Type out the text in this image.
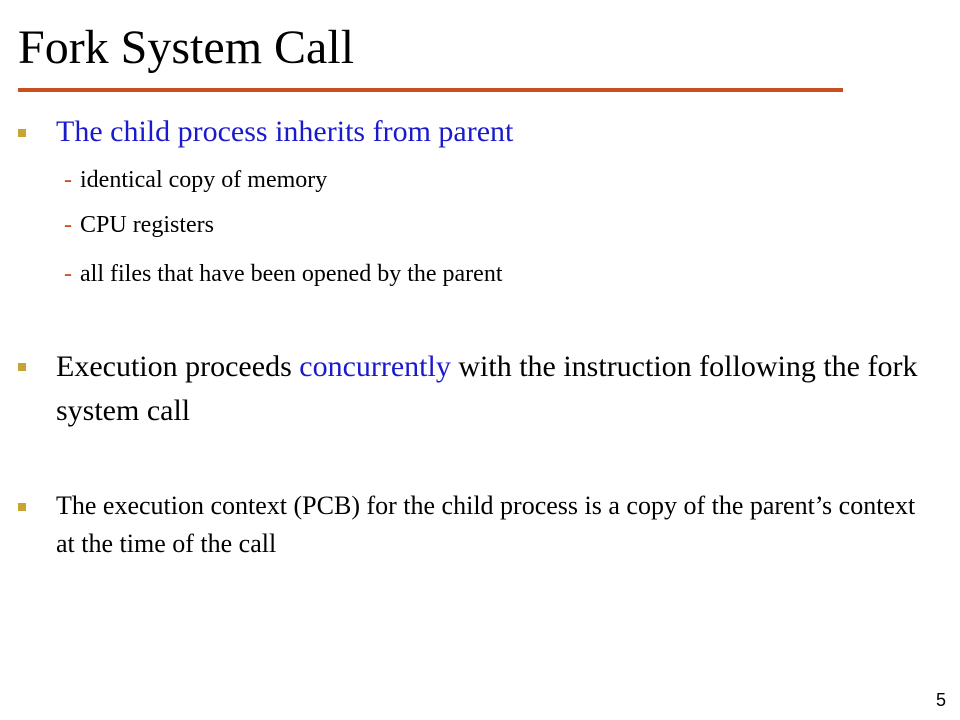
Fork System Call
The child process inherits from parent
- identical copy of memory
- CPU registers
- all files that have been opened by the parent
Execution proceeds concurrently with the instruction following the fork system call
The execution context (PCB) for the child process is a copy of the parent’s context at the time of the call
5
